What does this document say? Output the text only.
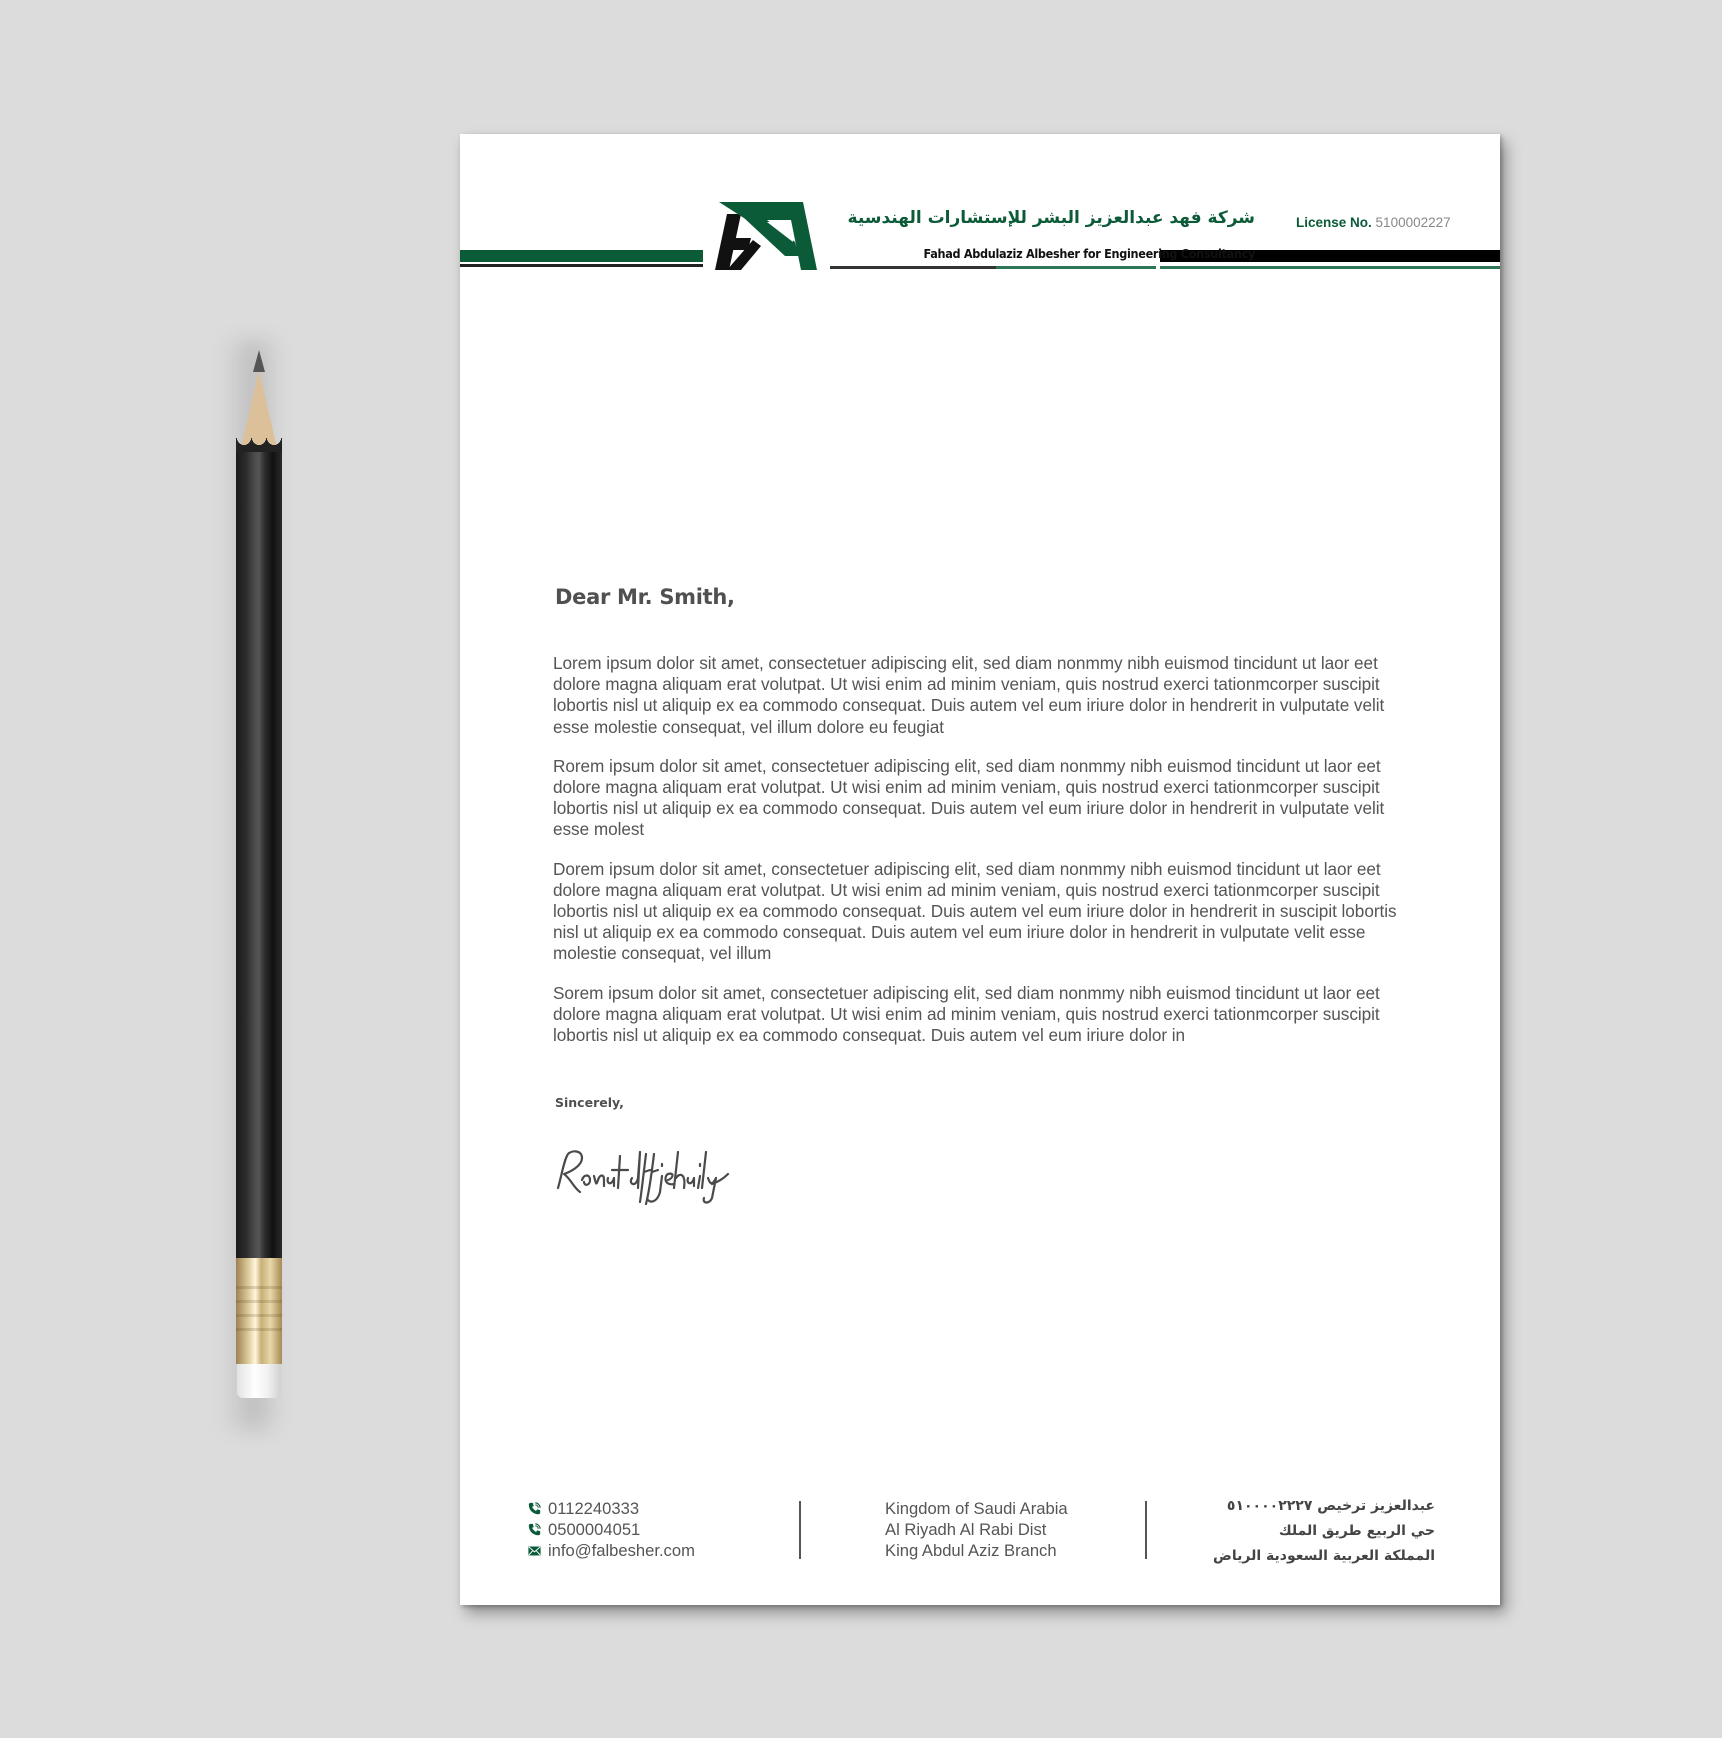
شركة فهد عبدالعزيز البشر للإستشارات الهندسية
Fahad Abdulaziz Albesher for Engineering Consultancy
License No. 5100002227
Dear Mr. Smith,

Lorem ipsum dolor sit amet, consectetuer adipiscing elit, sed diam nonmmy nibh euismod tincidunt ut laor eet dolore magna aliquam erat volutpat. Ut wisi enim ad minim veniam, quis nostrud exerci tationmcorper suscipit lobortis nisl ut aliquip ex ea commodo consequat. Duis autem vel eum iriure dolor in hendrerit in vulputate velit esse molestie consequat, vel illum dolore eu feugiat

Rorem ipsum dolor sit amet, consectetuer adipiscing elit, sed diam nonmmy nibh euismod tincidunt ut laor eet dolore magna aliquam erat volutpat. Ut wisi enim ad minim veniam, quis nostrud exerci tationmcorper suscipit lobortis nisl ut aliquip ex ea commodo consequat. Duis autem vel eum iriure dolor in hendrerit in vulputate velit esse molest

Dorem ipsum dolor sit amet, consectetuer adipiscing elit, sed diam nonmmy nibh euismod tincidunt ut laor eet dolore magna aliquam erat volutpat. Ut wisi enim ad minim veniam, quis nostrud exerci tationmcorper suscipit lobortis nisl ut aliquip ex ea commodo consequat. Duis autem vel eum iriure dolor in hendrerit in suscipit lobortis nisl ut aliquip ex ea commodo consequat. Duis autem vel eum iriure dolor in hendrerit in vulputate velit esse molestie consequat, vel illum

Sorem ipsum dolor sit amet, consectetuer adipiscing elit, sed diam nonmmy nibh euismod tincidunt ut laor eet dolore magna aliquam erat volutpat. Ut wisi enim ad minim veniam, quis nostrud exerci tationmcorper suscipit lobortis nisl ut aliquip ex ea commodo consequat. Duis autem vel eum iriure dolor in

Sincerely,
0112240333
0500004051
info@falbesher.com
Kingdom of Saudi Arabia
Al Riyadh Al Rabi Dist
King Abdul Aziz Branch
عبدالعزيز ترخيص ٥١٠٠٠٠٢٢٢٧
حي الربيع طريق الملك
المملكة العربية السعودية الرياض
